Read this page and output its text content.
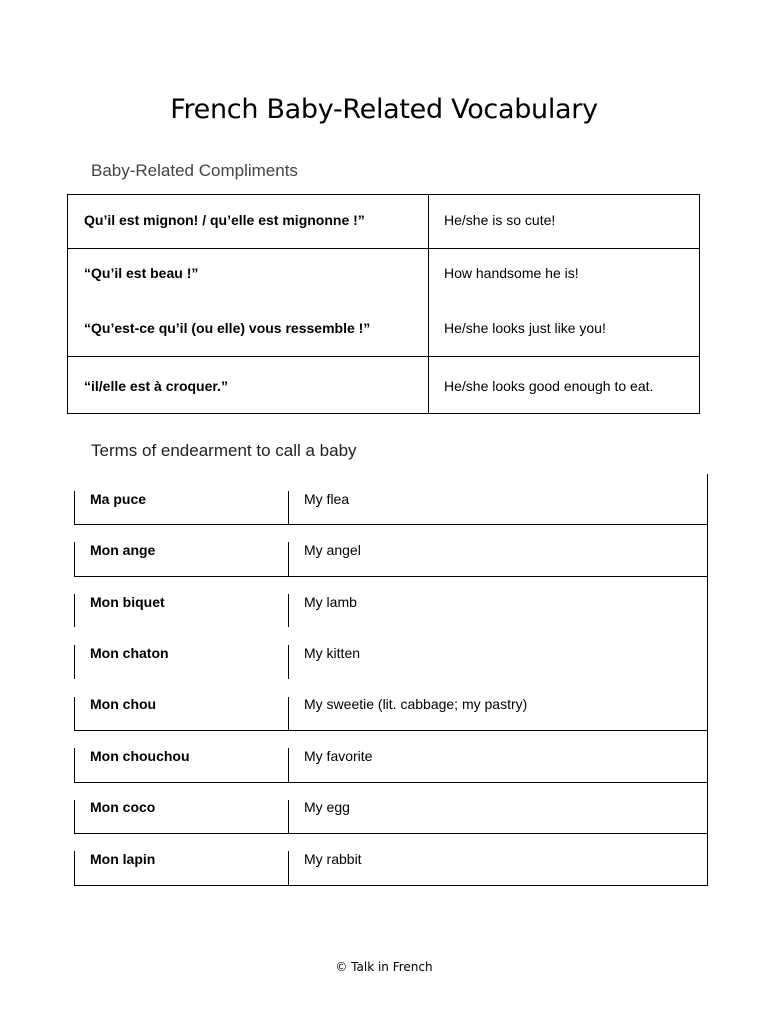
French Baby-Related Vocabulary
Baby-Related Compliments
Qu’il est mignon! / qu’elle est mignonne !”	He/she is so cute!
“Qu’il est beau !”	How handsome he is!
“Qu’est-ce qu’il (ou elle) vous ressemble !”	He/she looks just like you!
“il/elle est à croquer.”	He/she looks good enough to eat.
Terms of endearment to call a baby
Ma puce	My flea
Mon ange	My angel
Mon biquet	My lamb
Mon chaton	My kitten
Mon chou	My sweetie (lit. cabbage; my pastry)
Mon chouchou	My favorite
Mon coco	My egg
Mon lapin	My rabbit
© Talk in French
